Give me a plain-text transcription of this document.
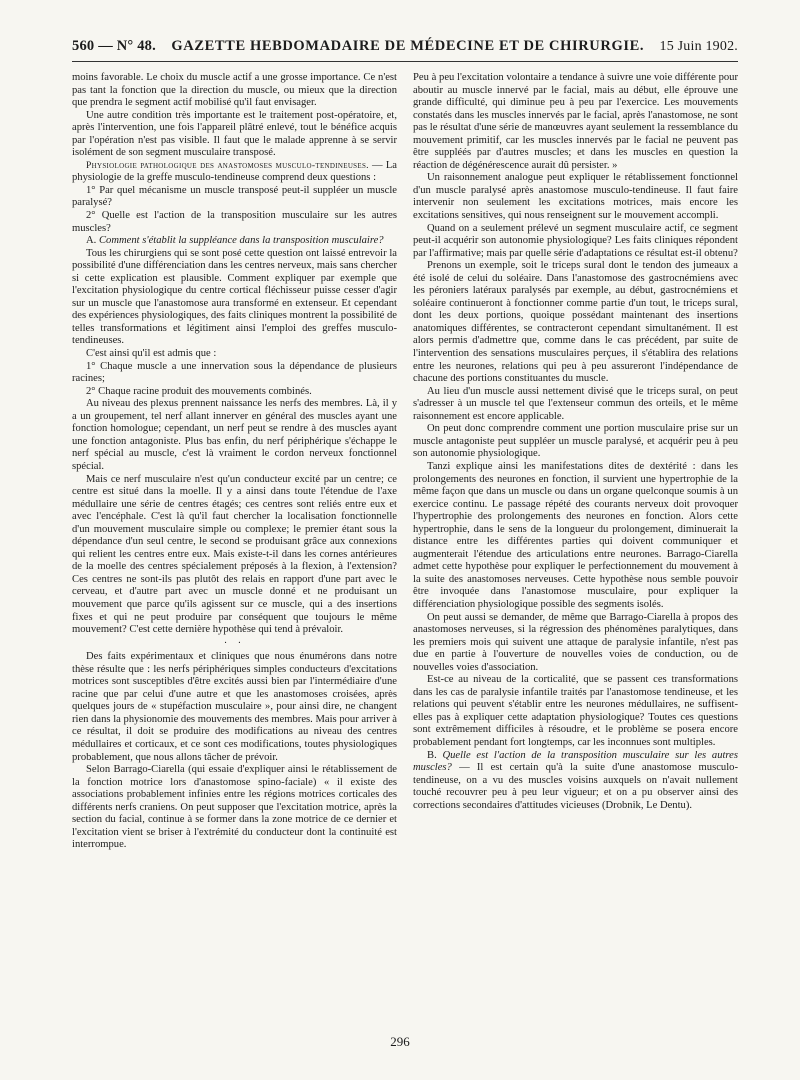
560 — N° 48. GAZETTE HEBDOMADAIRE DE MÉDECINE ET DE CHIRURGIE. 15 Juin 1902.

moins favorable. Le choix du muscle actif a une grosse importance. Ce n'est pas tant la fonction que la direction du muscle, ou mieux que la direction que prendra le segment actif mobilisé qu'il faut envisager.

Une autre condition très importante est le traitement post-opératoire, et, après l'intervention, une fois l'appareil plâtré enlevé, tout le bénéfice acquis par l'opération n'est pas visible. Il faut que le malade apprenne à se servir isolément de son segment musculaire transposé.

Physiologie pathologique des anastomoses musculo-tendineuses. — La physiologie de la greffe musculo-tendineuse comprend deux questions :

1° Par quel mécanisme un muscle transposé peut-il suppléer un muscle paralysé?

2° Quelle est l'action de la transposition musculaire sur les autres muscles?

A. Comment s'établit la suppléance dans la transposition musculaire?

Tous les chirurgiens qui se sont posé cette question ont laissé entrevoir la possibilité d'une différenciation dans les centres nerveux, mais sans chercher si cette explication est plausible. Comment expliquer par exemple que l'excitation physiologique du centre cortical fléchisseur puisse cesser d'agir sur un muscle que l'anastomose aura transformé en extenseur. Et cependant des expériences physiologiques, des faits cliniques montrent la possibilité de telles transformations et légitiment ainsi l'emploi des greffes musculo-tendineuses.

C'est ainsi qu'il est admis que :

1° Chaque muscle a une innervation sous la dépendance de plusieurs racines;

2° Chaque racine produit des mouvements combinés.

Au niveau des plexus prennent naissance les nerfs des membres. Là, il y a un groupement, tel nerf allant innerver en général des muscles ayant une fonction homologue; cependant, un nerf peut se rendre à des muscles ayant une fonction antagoniste. Plus bas enfin, du nerf périphérique s'échappe le nerf spécial au muscle, c'est là vraiment le cordon nerveux fonctionnel spécial.

Mais ce nerf musculaire n'est qu'un conducteur excité par un centre; ce centre est situé dans la moelle. Il y a ainsi dans toute l'étendue de l'axe médullaire une série de centres étagés; ces centres sont reliés entre eux et avec l'encéphale. C'est là qu'il faut chercher la localisation fonctionnelle d'un mouvement musculaire simple ou complexe; le premier étant sous la dépendance d'un seul centre, le second se produisant grâce aux connexions qui relient les centres entre eux. Mais existe-t-il dans les cornes antérieures de la moelle des centres spécialement préposés à la flexion, à l'extension? Ces centres ne sont-ils pas plutôt des relais en rapport d'une part avec le cerveau, et d'autre part avec un muscle donné et ne produisant un mouvement que parce qu'ils agissent sur ce muscle, qui a des insertions fixes et qui ne peut produire par conséquent que toujours le même mouvement? C'est cette dernière hypothèse qui tend à prévaloir.

· ·

Des faits expérimentaux et cliniques que nous énumérons dans notre thèse résulte que : les nerfs périphériques simples conducteurs d'excitations motrices sont susceptibles d'être excités aussi bien par l'intermédiaire d'une racine que par celui d'une autre et que les anastomoses croisées, après quelques jours de « stupéfaction musculaire », pour ainsi dire, ne changent rien dans la physionomie des mouvements des membres. Mais pour arriver à ce résultat, il doit se produire des modifications au niveau des centres médullaires et corticaux, et ce sont ces modifications, toutes physiologiques probablement, que nous allons tâcher de prévoir.

Selon Barrago-Ciarella (qui essaie d'expliquer ainsi le rétablissement de la fonction motrice lors d'anastomose spino-faciale) « il existe des associations probablement infinies entre les régions motrices corticales des différents nerfs craniens. On peut supposer que l'excitation motrice, après la section du facial, continue à se former dans la zone motrice de ce dernier et l'excitation vient se briser à l'extrémité du conducteur dont la continuité est interrompue.

Peu à peu l'excitation volontaire a tendance à suivre une voie différente pour aboutir au muscle innervé par le facial, mais au début, elle éprouve une grande difficulté, qui diminue peu à peu par l'exercice. Les mouvements constatés dans les muscles innervés par le facial, après l'anastomose, ne sont pas le résultat d'une série de manœuvres ayant seulement la ressemblance du mouvement primitif, car les muscles innervés par le facial ne peuvent pas être suppléés par d'autres muscles; et dans les muscles en question la réaction de dégénérescence aurait dû persister. »

Un raisonnement analogue peut expliquer le rétablissement fonctionnel d'un muscle paralysé après anastomose musculo-tendineuse. Il faut faire intervenir non seulement les excitations motrices, mais encore les excitations sensitives, qui nous renseignent sur le mouvement accompli.

Quand on a seulement prélevé un segment musculaire actif, ce segment peut-il acquérir son autonomie physiologique? Les faits cliniques répondent par l'affirmative; mais par quelle série d'adaptations ce résultat est-il obtenu?

Prenons un exemple, soit le triceps sural dont le tendon des jumeaux a été isolé de celui du soléaire. Dans l'anastomose des gastrocnémiens avec les péroniers latéraux paralysés par exemple, au début, gastrocnémiens et soléaire continueront à fonctionner comme partie d'un tout, le triceps sural, dont les deux portions, quoique possédant maintenant des insertions anatomiques différentes, se contracteront cependant simultanément. Il est alors permis d'admettre que, comme dans le cas précédent, par suite de l'intervention des sensations musculaires perçues, il s'établira des relations entre les neurones, relations qui peu à peu assureront l'indépendance de chacune des portions constituantes du muscle.

Au lieu d'un muscle aussi nettement divisé que le triceps sural, on peut s'adresser à un muscle tel que l'extenseur commun des orteils, et le même raisonnement est encore applicable.

On peut donc comprendre comment une portion musculaire prise sur un muscle antagoniste peut suppléer un muscle paralysé, et acquérir peu à peu son autonomie physiologique.

Tanzi explique ainsi les manifestations dites de dextérité : dans les prolongements des neurones en fonction, il survient une hypertrophie de la même façon que dans un muscle ou dans un organe quelconque soumis à un exercice continu. Le passage répété des courants nerveux doit provoquer l'hypertrophie des prolongements des neurones en fonction. Alors cette hypertrophie, dans le sens de la longueur du prolongement, diminuerait la distance entre les différentes parties qui doivent communiquer et augmenterait l'étendue des articulations entre neurones. Barrago-Ciarella admet cette hypothèse pour expliquer le perfectionnement du mouvement à la suite des anastomoses nerveuses. Cette hypothèse nous semble pouvoir être invoquée dans l'anastomose musculaire, pour expliquer la différenciation physiologique possible des segments isolés.

On peut aussi se demander, de même que Barrago-Ciarella à propos des anastomoses nerveuses, si la régression des phénomènes paralytiques, dans les premiers mois qui suivent une attaque de paralysie infantile, n'est pas due en partie à l'ouverture de nouvelles voies de conduction, ou de nouvelles voies d'association.

Est-ce au niveau de la corticalité, que se passent ces transformations dans les cas de paralysie infantile traités par l'anastomose tendineuse, et les relations qui peuvent s'établir entre les neurones médullaires, ne suffisent-elles pas à expliquer cette adaptation physiologique? Toutes ces questions sont extrêmement difficiles à résoudre, et le problème se posera encore probablement pendant fort longtemps, car les inconnues sont multiples.

B. Quelle est l'action de la transposition musculaire sur les autres muscles? — Il est certain qu'à la suite d'une anastomose musculo-tendineuse, on a vu des muscles voisins auxquels on n'avait nullement touché recouvrer peu à peu leur vigueur; et on a pu observer ainsi des corrections secondaires d'attitudes vicieuses (Drobnik, Le Dentu).

296
